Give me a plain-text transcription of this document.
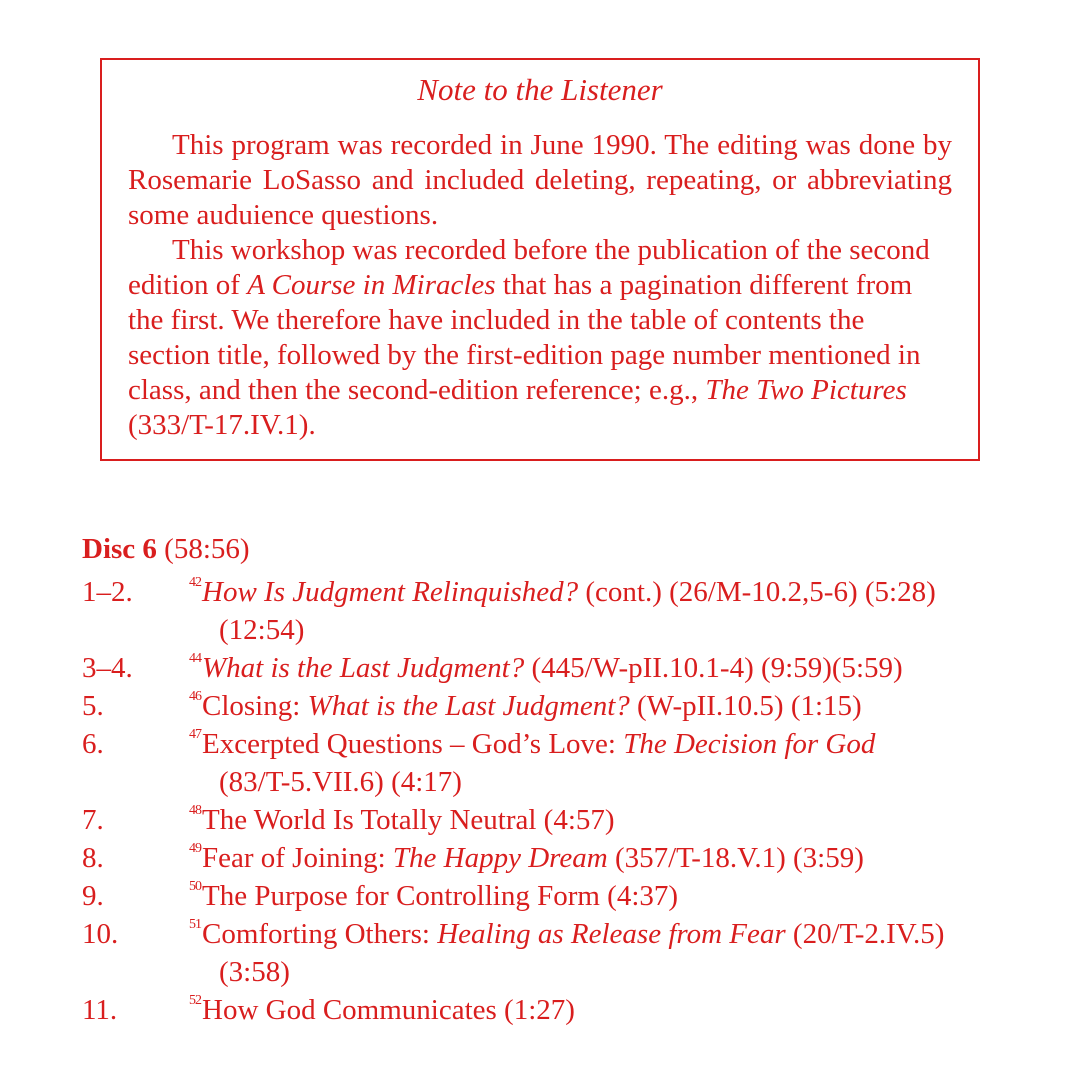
Note to the Listener

This program was recorded in June 1990. The editing was done by Rosemarie LoSasso and included deleting, repeating, or abbreviating some auduience questions.

This workshop was recorded before the publication of the second edition of A Course in Miracles that has a pagination different from the first. We therefore have included in the table of contents the section title, followed by the first-edition page number mentioned in class, and then the second-edition reference; e.g., The Two Pictures (333/T-17.IV.1).

Disc 6 (58:56)
1–2.	$^{42}$How Is Judgment Relinquished? (cont.) (26/M-10.2,5-6) (5:28)
(12:54)
3–4.	$^{44}$What is the Last Judgment? (445/W-pII.10.1-4) (9:59)(5:59)
5.	$^{46}$Closing: What is the Last Judgment? (W-pII.10.5) (1:15)
6.	$^{47}$Excerpted Questions – God’s Love: The Decision for God
(83/T-5.VII.6) (4:17)
7.	$^{48}$The World Is Totally Neutral (4:57)
8.	$^{49}$Fear of Joining: The Happy Dream (357/T-18.V.1) (3:59)
9.	$^{50}$The Purpose for Controlling Form (4:37)
10.	$^{51}$Comforting Others: Healing as Release from Fear (20/T-2.IV.5)
(3:58)
11.	$^{52}$How God Communicates (1:27)
